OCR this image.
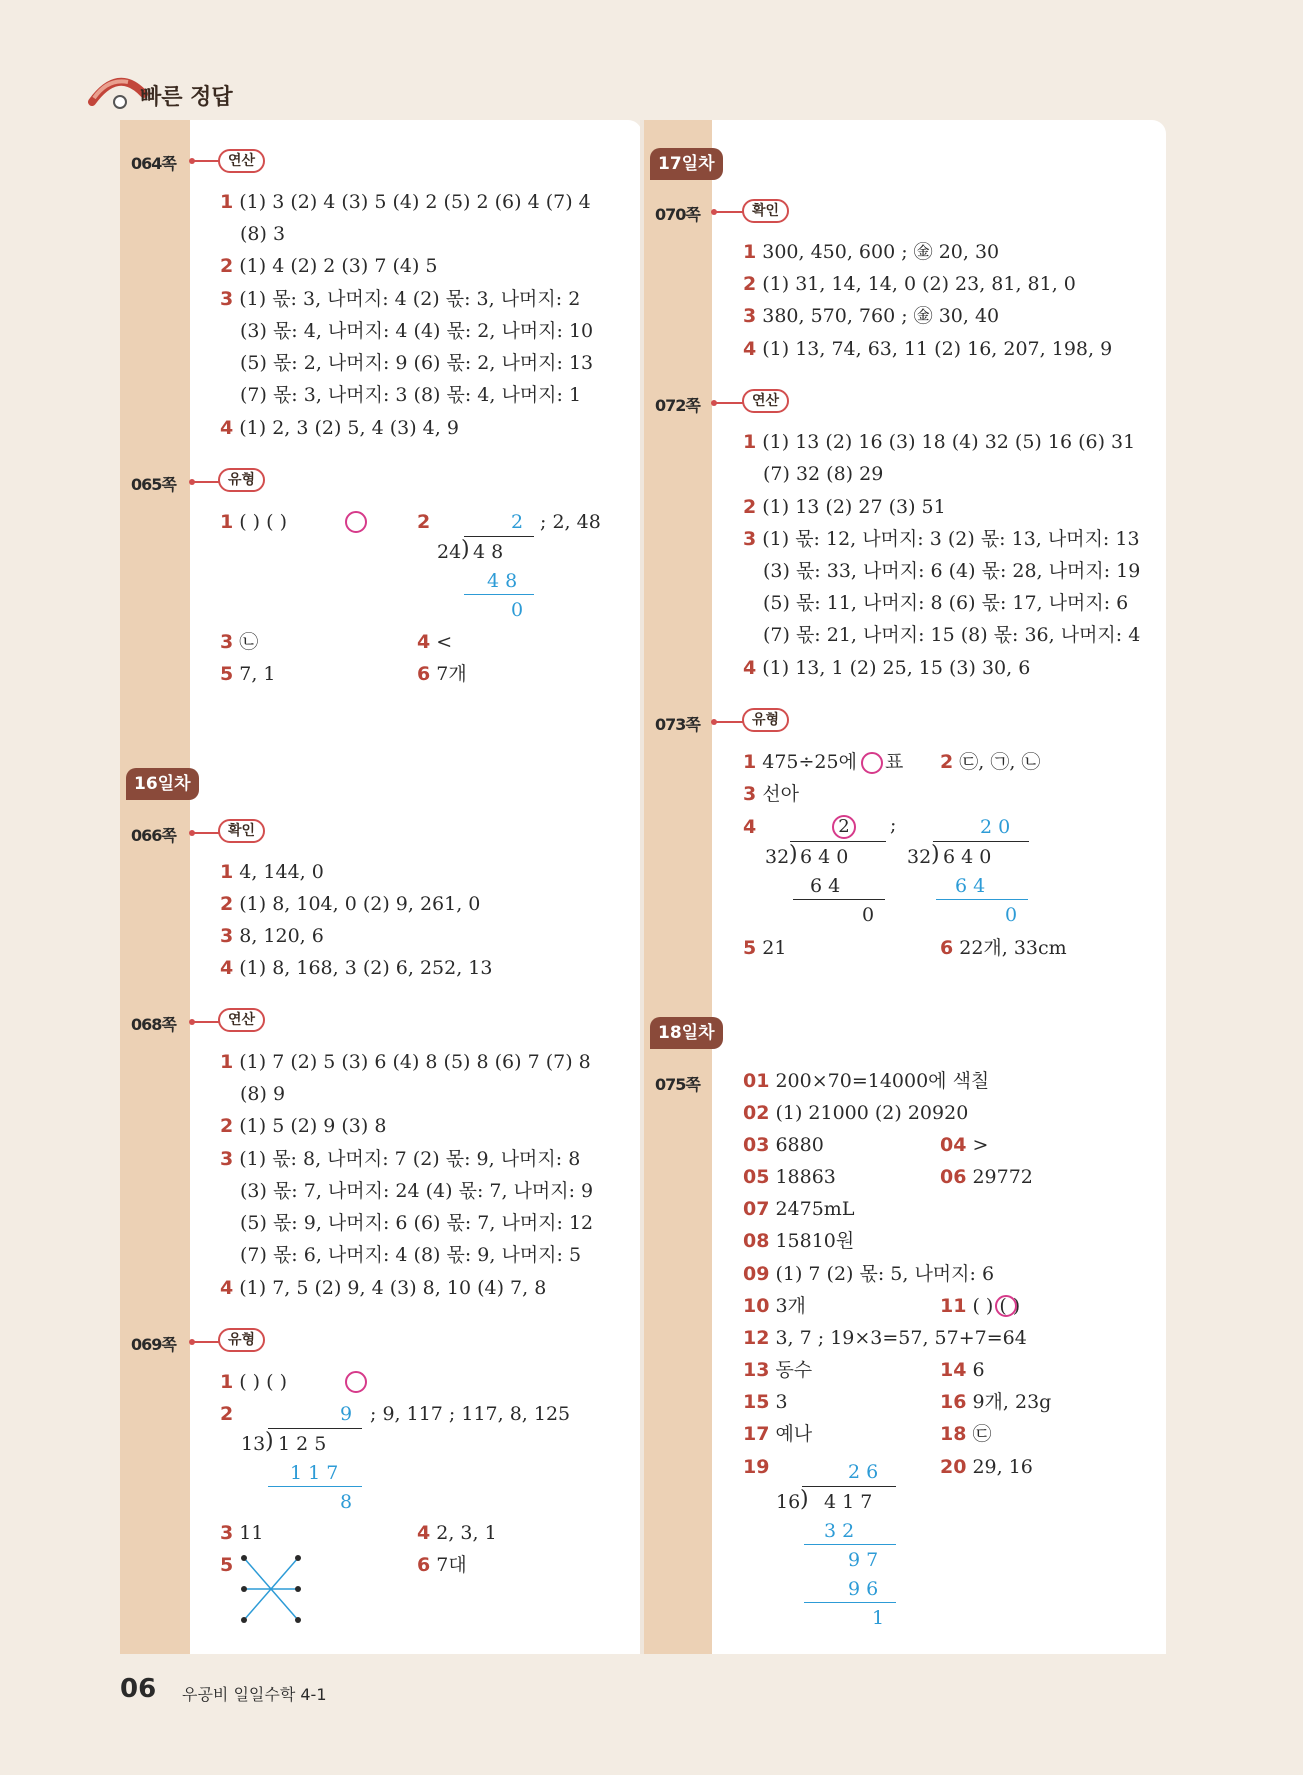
빠른 정답
064쪽	연산
1 (1) 3 (2) 4 (3) 5 (4) 2 (5) 2 (6) 4 (7) 4
(8) 3
2 (1) 4 (2) 2 (3) 7 (4) 5
3 (1) 몫: 3, 나머지: 4 (2) 몫: 3, 나머지: 2
(3) 몫: 4, 나머지: 4 (4) 몫: 2, 나머지: 10
(5) 몫: 2, 나머지: 9 (6) 몫: 2, 나머지: 13
(7) 몫: 3, 나머지: 3 (8) 몫: 4, 나머지: 1
4 (1) 2, 3 (2) 5, 4 (3) 4, 9
065쪽	유형
1 ( ) ( )	2	; 2, 48
2
24 ) 4 8
4 8
0
3 ㉡	4 <
5 7, 1	6 7개
16일차
066쪽	확인
1 4, 144, 0
2 (1) 8, 104, 0 (2) 9, 261, 0
3 8, 120, 6
4 (1) 8, 168, 3 (2) 6, 252, 13
068쪽	연산
1 (1) 7 (2) 5 (3) 6 (4) 8 (5) 8 (6) 7 (7) 8
(8) 9
2 (1) 5 (2) 9 (3) 8
3 (1) 몫: 8, 나머지: 7 (2) 몫: 9, 나머지: 8
(3) 몫: 7, 나머지: 24 (4) 몫: 7, 나머지: 9
(5) 몫: 9, 나머지: 6 (6) 몫: 7, 나머지: 12
(7) 몫: 6, 나머지: 4 (8) 몫: 9, 나머지: 5
4 (1) 7, 5 (2) 9, 4 (3) 8, 10 (4) 7, 8
069쪽	유형
1 ( ) ( )
2	9 ; 9, 117 ; 117, 8, 125
13 ) 1 2 5
1 1 7
8
3 11	4 2, 3, 1
5	6 7대
17일차
070쪽	확인
1 300, 450, 600 ; ㊎ 20, 30
2 (1) 31, 14, 14, 0 (2) 23, 81, 81, 0
3 380, 570, 760 ; ㊎ 30, 40
4 (1) 13, 74, 63, 11 (2) 16, 207, 198, 9
072쪽	연산
1 (1) 13 (2) 16 (3) 18 (4) 32 (5) 16 (6) 31
(7) 32 (8) 29
2 (1) 13 (2) 27 (3) 51
3 (1) 몫: 12, 나머지: 3 (2) 몫: 13, 나머지: 13
(3) 몫: 33, 나머지: 6 (4) 몫: 28, 나머지: 19
(5) 몫: 11, 나머지: 8 (6) 몫: 17, 나머지: 6
(7) 몫: 21, 나머지: 15 (8) 몫: 36, 나머지: 4
4 (1) 13, 1 (2) 25, 15 (3) 30, 6
073쪽	유형
1 475÷25에 ○ 표 2 ㉢, ㉠, ㉡
3 선아
4	;
2
32 ) 6 4 0
6 4
0
2 0
32 ) 6 4 0
6 4
0
5 21	6 22개, 33cm
18일차
075쪽 01 200×70=14000에 색칠
02 (1) 21000 (2) 20920
03 6880	04 >
05 18863	06 29772
07 2475mL
08 15810원
09 (1) 7 (2) 몫: 5, 나머지: 6
10 3개	11 ( ) ( )
12 3, 7 ; 19×3=57, 57+7=64
13 동수	14 6
15 3	16 9개, 23g
17 예나	18 ㉢
19	20 29, 16
2 6
16 ) 4 1 7
3 2
9 7
9 6
1
06 우공비 일일수학 4-1
